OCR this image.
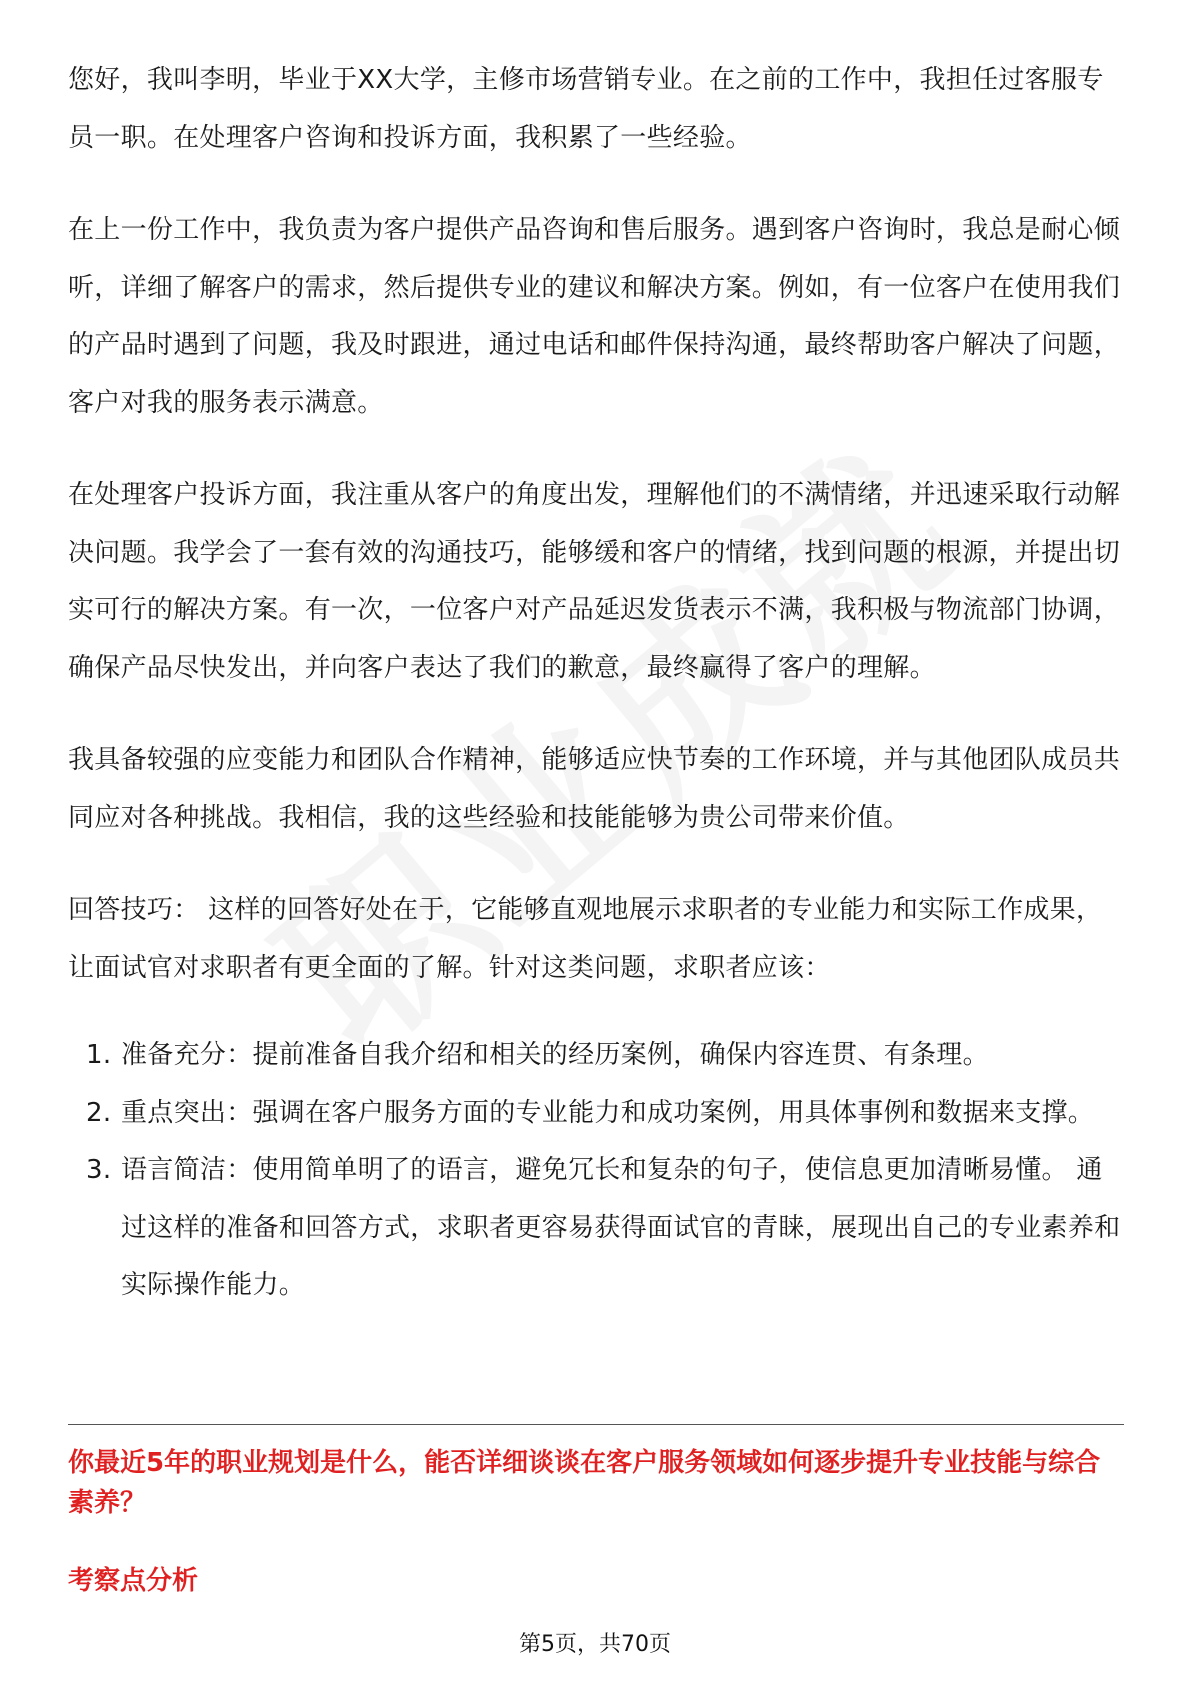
您好，我叫李明，毕业于XX大学，主修市场营销专业。在之前的工作中，我担任过客服专员一职。在处理客户咨询和投诉方面，我积累了一些经验。

在上一份工作中，我负责为客户提供产品咨询和售后服务。遇到客户咨询时，我总是耐心倾听，详细了解客户的需求，然后提供专业的建议和解决方案。例如，有一位客户在使用我们的产品时遇到了问题，我及时跟进，通过电话和邮件保持沟通，最终帮助客户解决了问题，客户对我的服务表示满意。

在处理客户投诉方面，我注重从客户的角度出发，理解他们的不满情绪，并迅速采取行动解决问题。我学会了一套有效的沟通技巧，能够缓和客户的情绪，找到问题的根源，并提出切实可行的解决方案。有一次，一位客户对产品延迟发货表示不满，我积极与物流部门协调，确保产品尽快发出，并向客户表达了我们的歉意，最终赢得了客户的理解。

我具备较强的应变能力和团队合作精神，能够适应快节奏的工作环境，并与其他团队成员共同应对各种挑战。我相信，我的这些经验和技能能够为贵公司带来价值。

回答技巧： 这样的回答好处在于，它能够直观地展示求职者的专业能力和实际工作成果，让面试官对求职者有更全面的了解。针对这类问题，求职者应该：

1. 准备充分：提前准备自我介绍和相关的经历案例，确保内容连贯、有条理。
2. 重点突出：强调在客户服务方面的专业能力和成功案例，用具体事例和数据来支撑。
3. 语言简洁：使用简单明了的语言，避免冗长和复杂的句子，使信息更加清晰易懂。 通过这样的准备和回答方式，求职者更容易获得面试官的青睐，展现出自己的专业素养和实际操作能力。
你最近5年的职业规划是什么，能否详细谈谈在客户服务领域如何逐步提升专业技能与综合素养？
考察点分析
第5页，共70页
